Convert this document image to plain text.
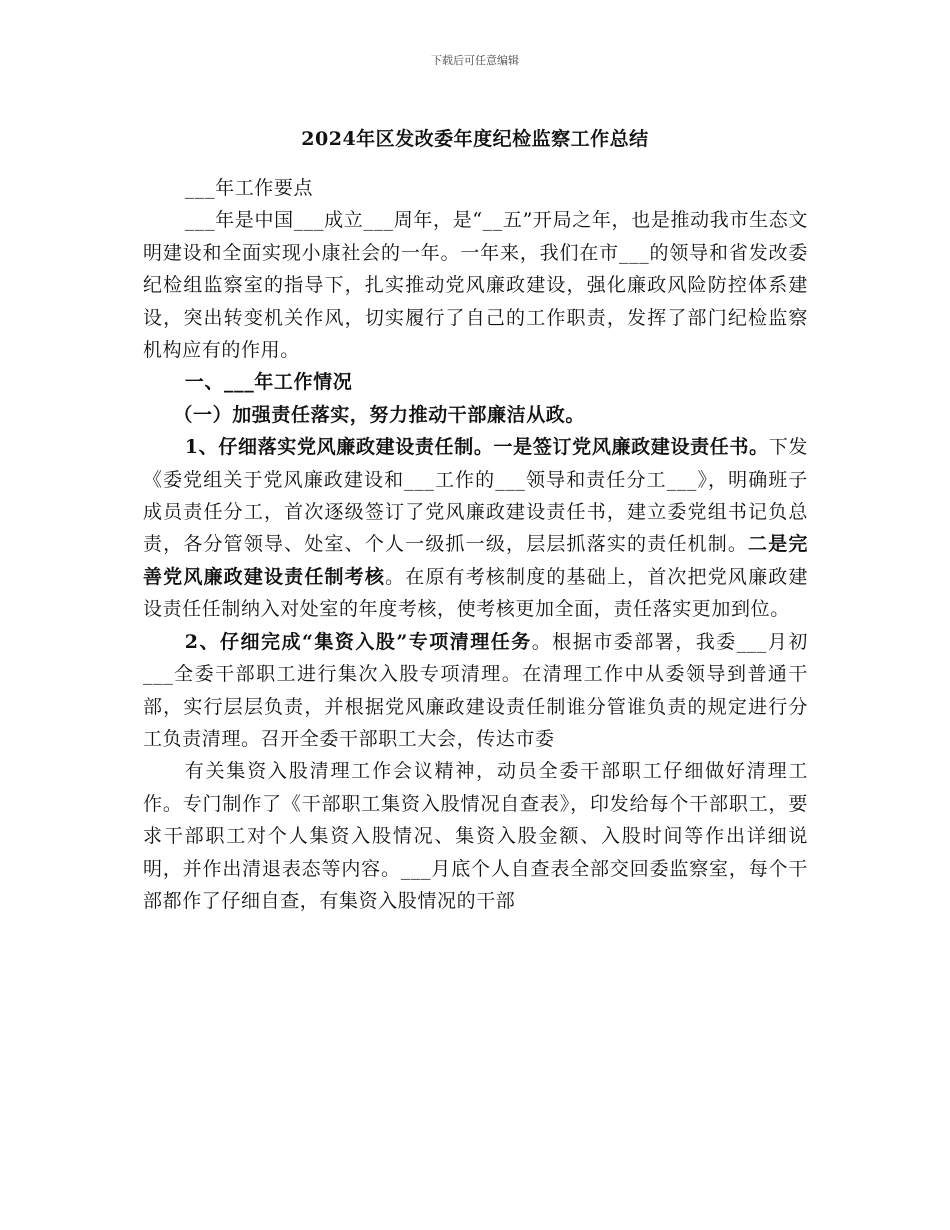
下载后可任意编辑
2024年区发改委年度纪检监察工作总结

___年工作要点

___年是中国___成立___周年，是“__五”开局之年，也是推动我市生态文明建设和全面实现小康社会的一年。一年来，我们在市___的领导和省发改委纪检组监察室的指导下，扎实推动党风廉政建设，强化廉政风险防控体系建设，突出转变机关作风，切实履行了自己的工作职责，发挥了部门纪检监察机构应有的作用。

一、___年工作情况

（一）加强责任落实，努力推动干部廉洁从政。

1、仔细落实党风廉政建设责任制。一是签订党风廉政建设责任书。下发《委党组关于党风廉政建设和___工作的___领导和责任分工___》，明确班子成员责任分工，首次逐级签订了党风廉政建设责任书，建立委党组书记负总责，各分管领导、处室、个人一级抓一级，层层抓落实的责任机制。二是完善党风廉政建设责任制考核。在原有考核制度的基础上，首次把党风廉政建设责任任制纳入对处室的年度考核，使考核更加全面，责任落实更加到位。

2、仔细完成“集资入股”专项清理任务。根据市委部署，我委___月初___全委干部职工进行集次入股专项清理。在清理工作中从委领导到普通干部，实行层层负责，并根据党风廉政建设责任制谁分管谁负责的规定进行分工负责清理。召开全委干部职工大会，传达市委

有关集资入股清理工作会议精神，动员全委干部职工仔细做好清理工作。专门制作了《干部职工集资入股情况自查表》，印发给每个干部职工，要求干部职工对个人集资入股情况、集资入股金额、入股时间等作出详细说明，并作出清退表态等内容。___月底个人自查表全部交回委监察室，每个干部都作了仔细自查，有集资入股情况的干部
